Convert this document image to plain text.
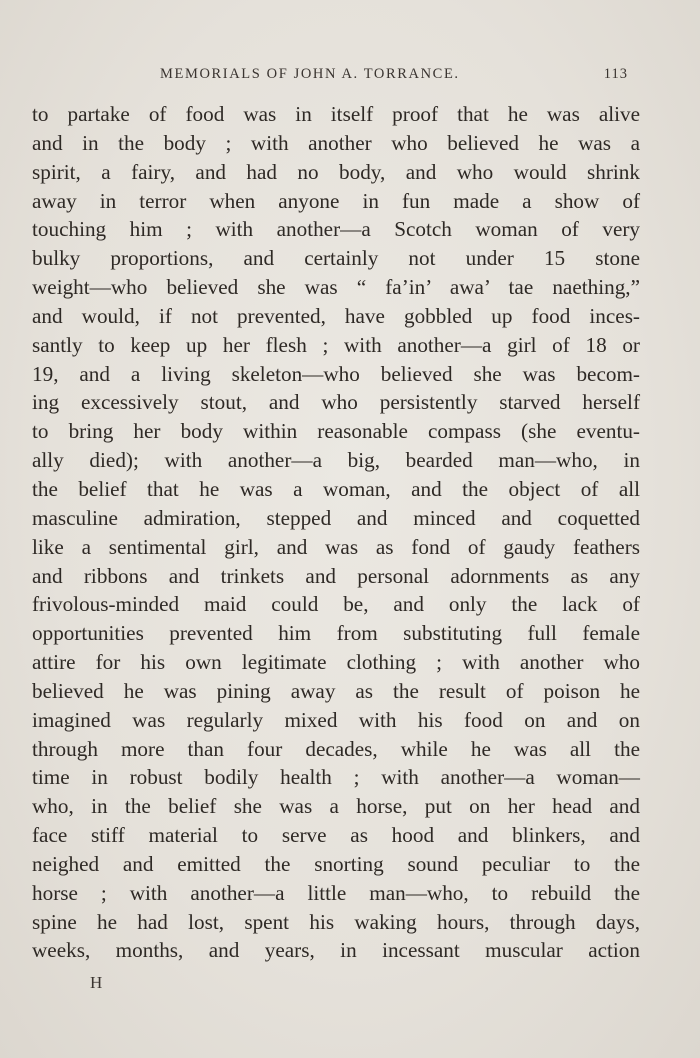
MEMORIALS OF JOHN A. TORRANCE.	113
to partake of food was in itself proof that he was alive
and in the body ; with another who believed he was a
spirit, a fairy, and had no body, and who would shrink
away in terror when anyone in fun made a show of
touching him ; with another—a Scotch woman of very
bulky proportions, and certainly not under 15 stone
weight—who believed she was “ fa’in’ awa’ tae naething,”
and would, if not prevented, have gobbled up food inces-
santly to keep up her flesh ; with another—a girl of 18 or
19, and a living skeleton—who believed she was becom-
ing excessively stout, and who persistently starved herself
to bring her body within reasonable compass (she eventu-
ally died); with another—a big, bearded man—who, in
the belief that he was a woman, and the object of all
masculine admiration, stepped and minced and coquetted
like a sentimental girl, and was as fond of gaudy feathers
and ribbons and trinkets and personal adornments as any
frivolous-minded maid could be, and only the lack of
opportunities prevented him from substituting full female
attire for his own legitimate clothing ; with another who
believed he was pining away as the result of poison he
imagined was regularly mixed with his food on and on
through more than four decades, while he was all the
time in robust bodily health ; with another—a woman—
who, in the belief she was a horse, put on her head and
face stiff material to serve as hood and blinkers, and
neighed and emitted the snorting sound peculiar to the
horse ; with another—a little man—who, to rebuild the
spine he had lost, spent his waking hours, through days,
weeks, months, and years, in incessant muscular action
H
